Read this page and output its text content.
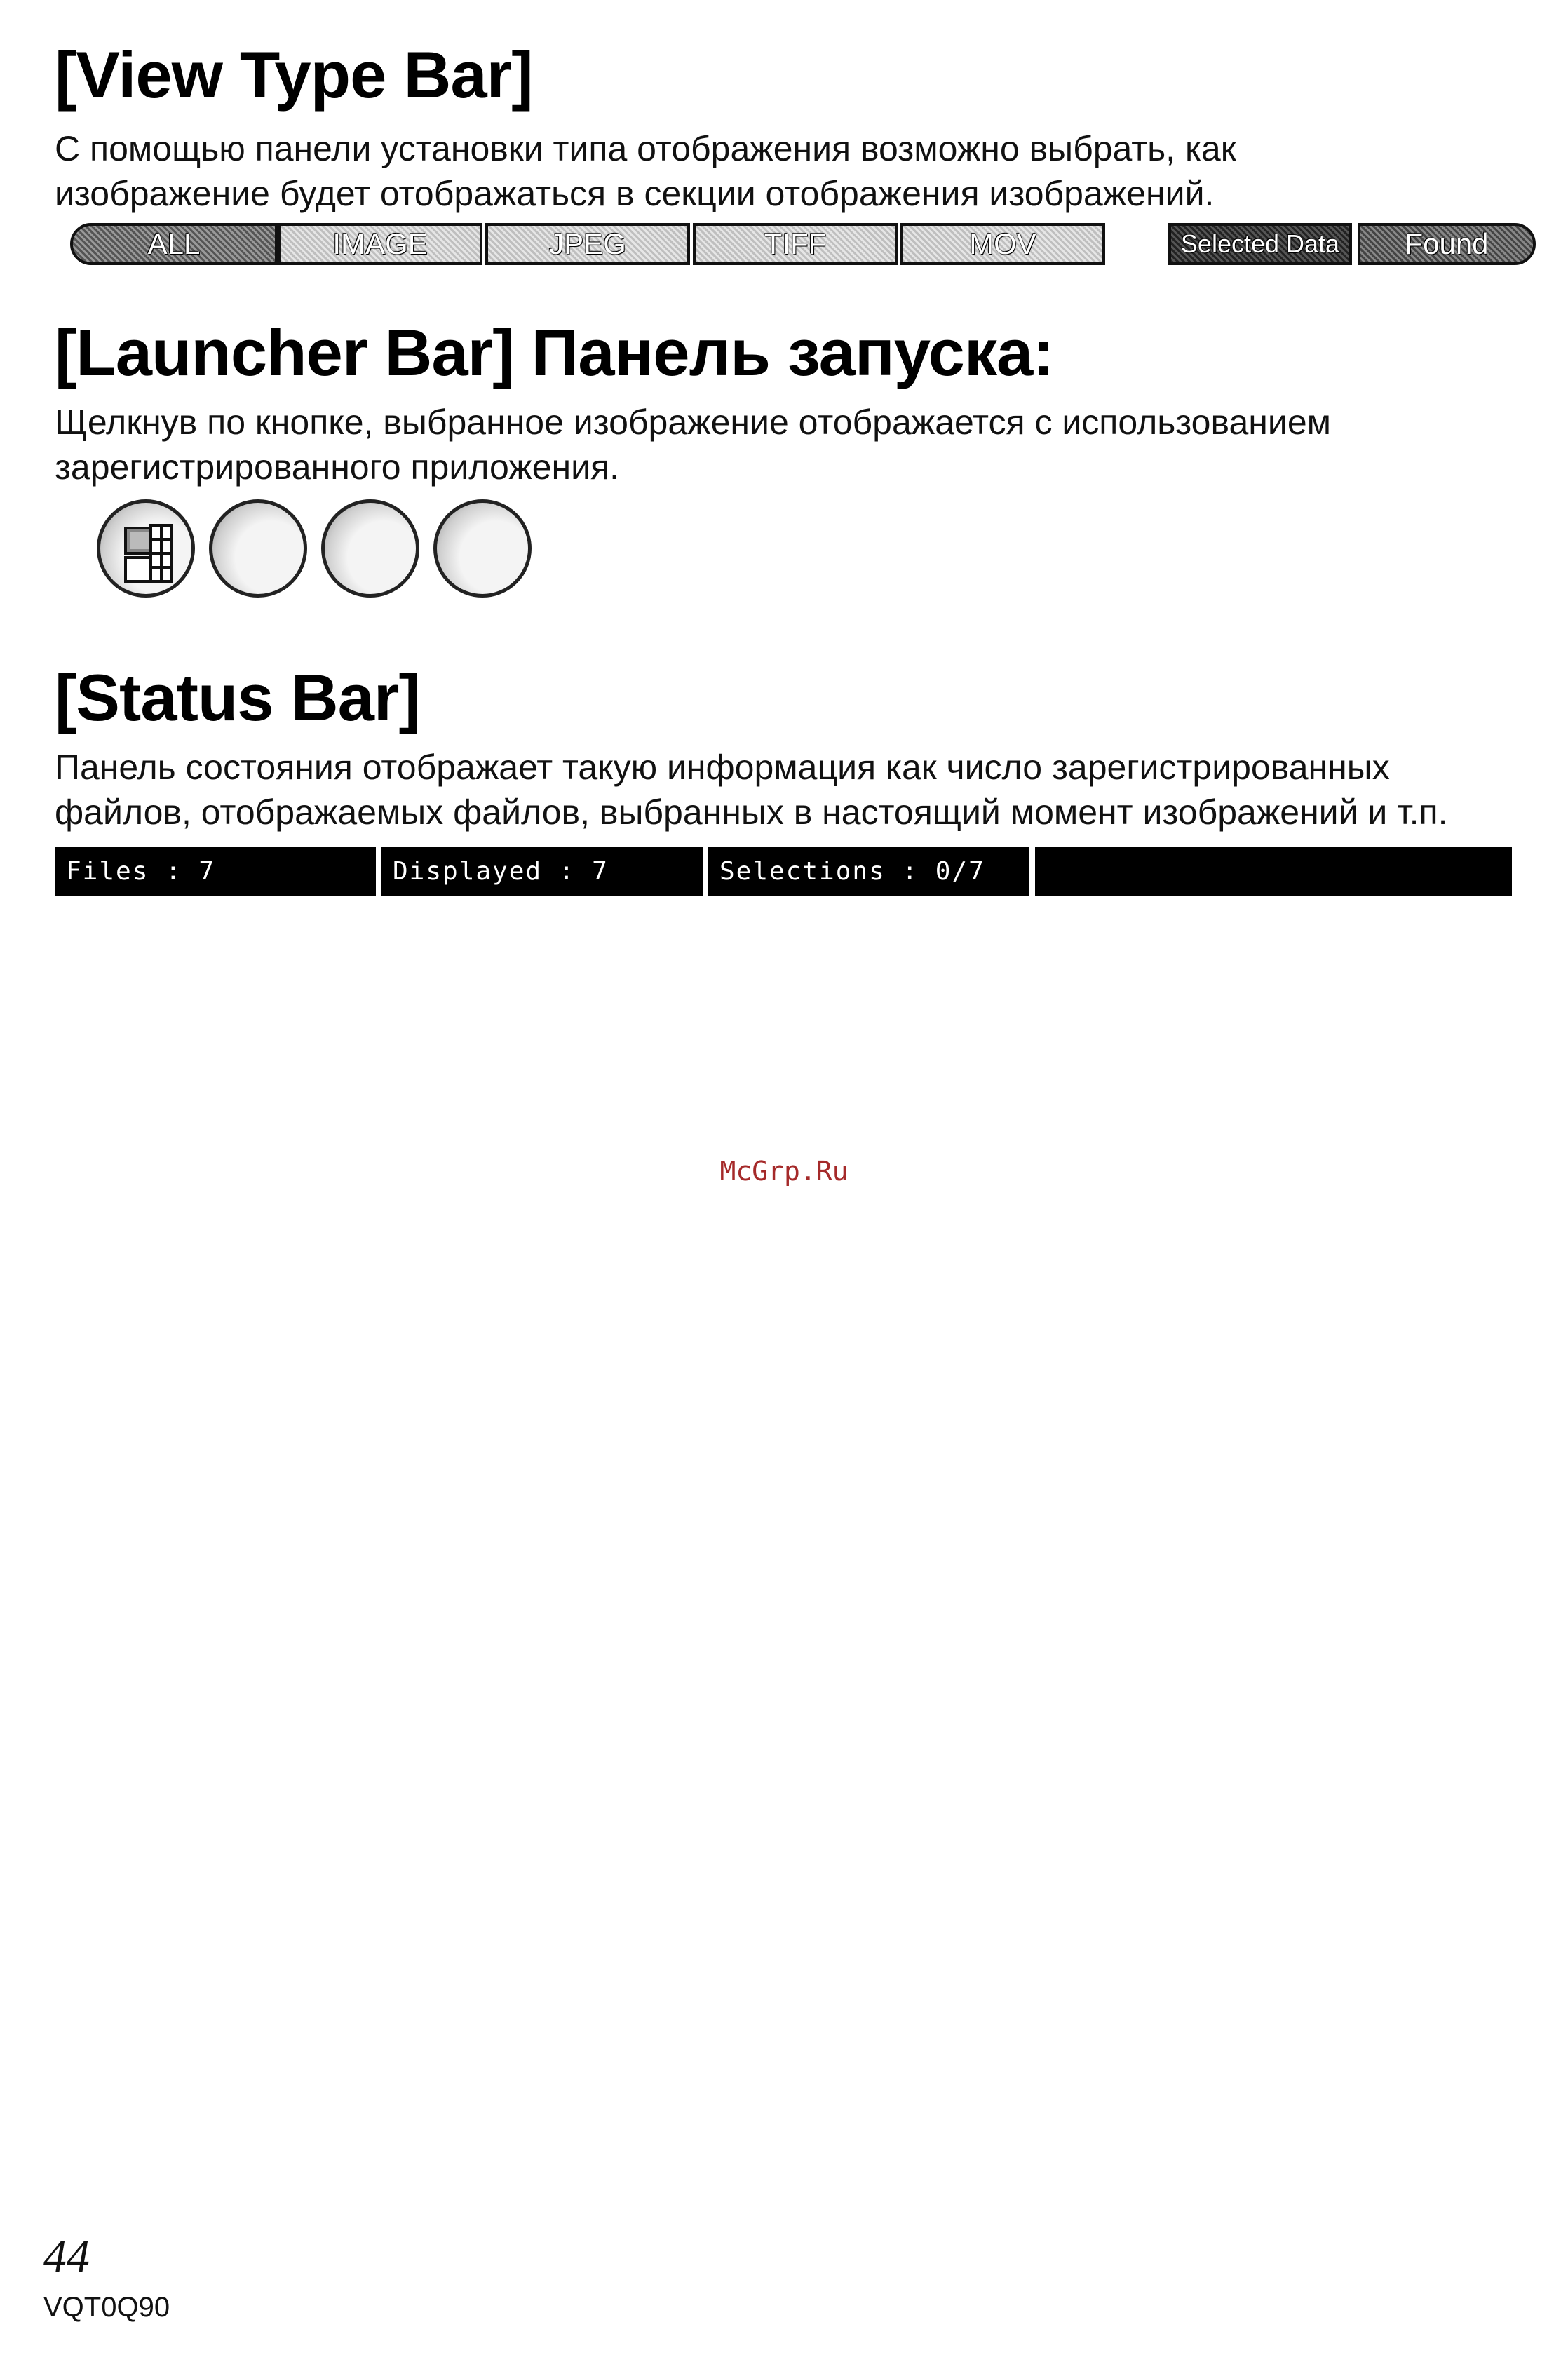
[View Type Bar]

С помощью панели установки типа отображения возможно выбрать, как
изображение будет отображаться в секции отображения изображений.

ALL	IMAGE	JPEG	TIFF	MOV	Selected Data Found
[Launcher Bar] Панель запуска:

Щелкнув по кнопке, выбранное изображение отображается с использованием
зарегистрированного приложения.

[Status Bar]

Панель состояния отображает такую информация как число зарегистрированных
файлов, отображаемых файлов, выбранных в настоящий момент изображений и т.п.

Files : 7	Displayed : 7	Selections : 0/7
McGrp.Ru
44
VQT0Q90
